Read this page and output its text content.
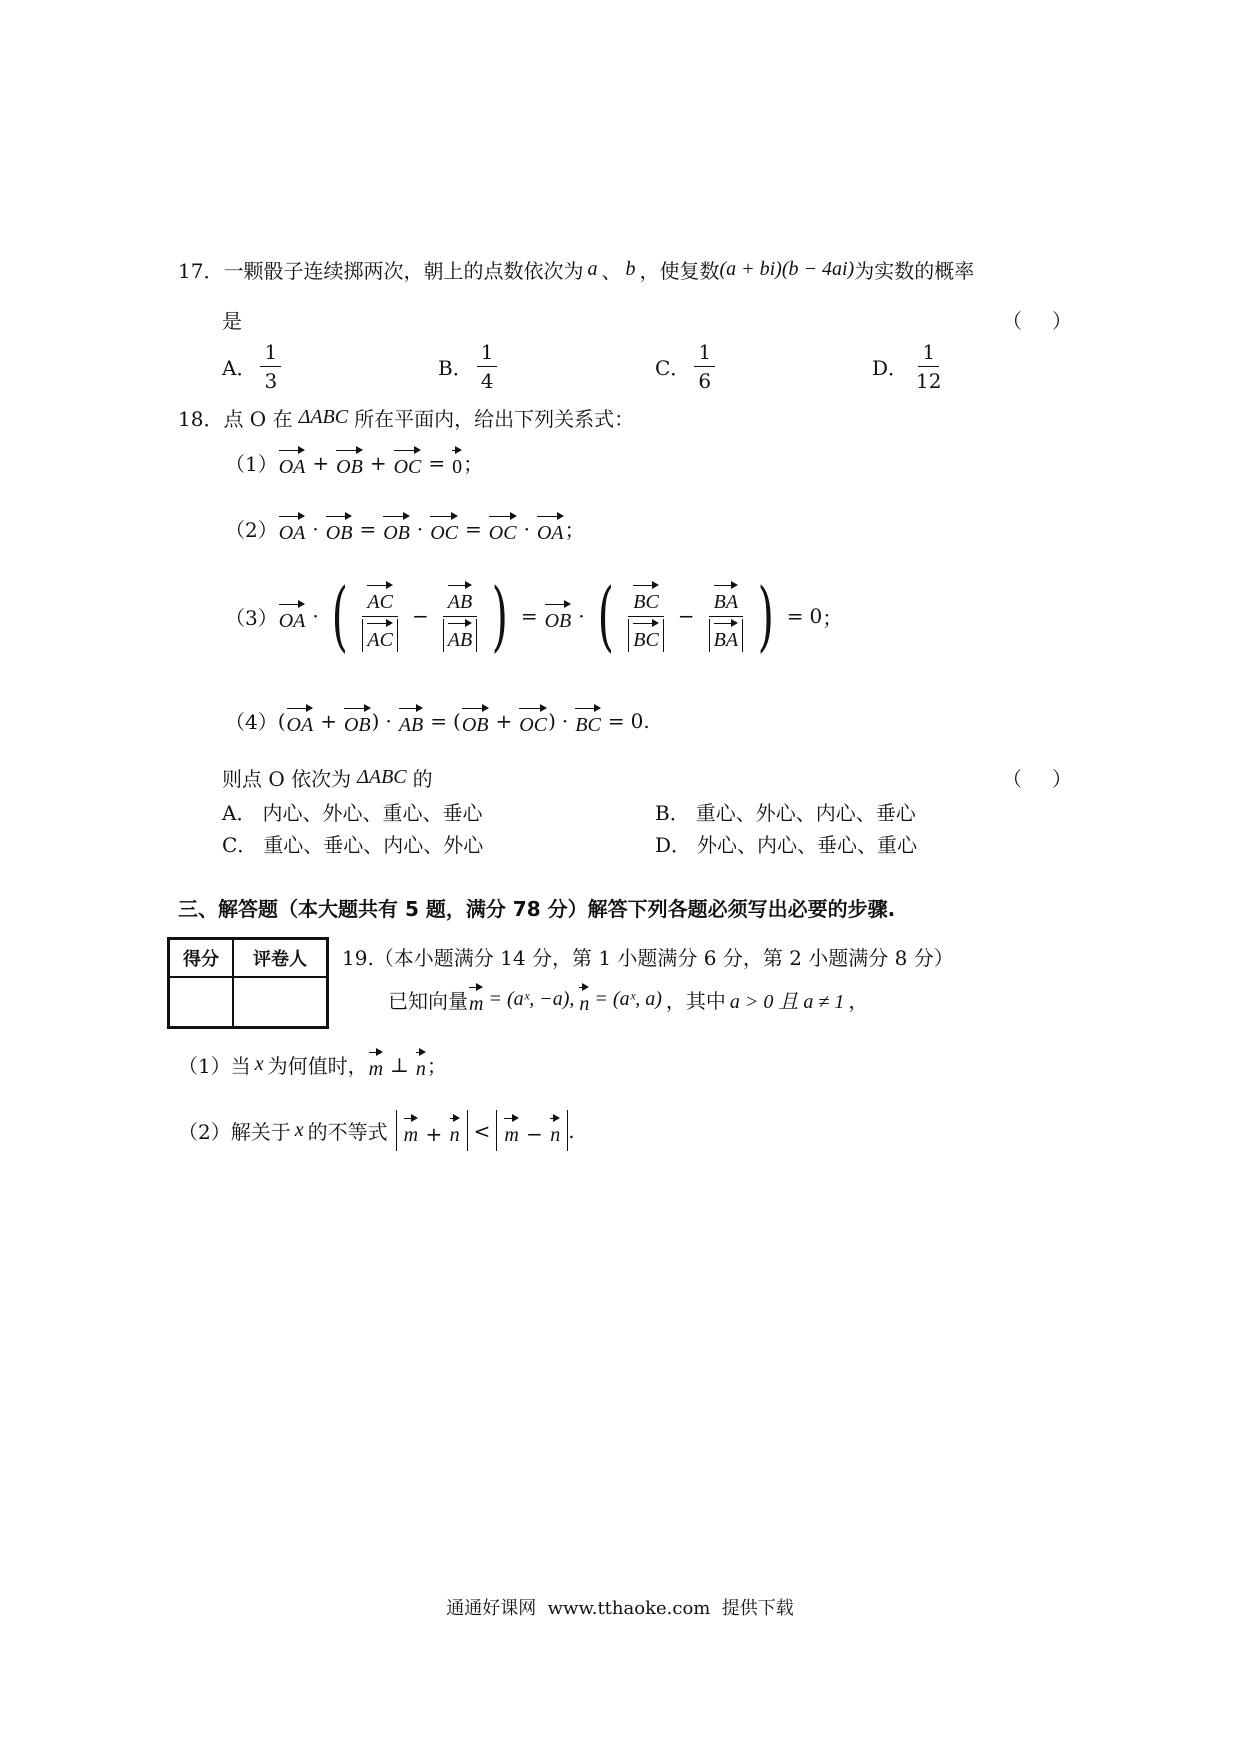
17． 一颗骰子连续掷两次，朝上的点数依次为 a 、 b ，使复数 (a + bi)(b − 4ai) 为实数的概率
是	（ ）
A． $\frac{1}{3}$	B． $\frac{1}{4}$	C． $\frac{1}{6}$	D． $\frac{1}{12}$
18． 点 O 在 ΔABC 所在平面内，给出下列关系式：
（1） OA + OB + OC = 0 ；
（2） OA · OB = OB · OC = OC · OA ；
（3） OA · ( $\frac{AC}{AC} - \frac{AB}{AB}$ ) = OB · ( $\frac{BC}{BC} - \frac{BA}{BA}$ ) = 0 ；
（4） ( OA + OB ) · AB = ( OB + OC ) · BC = 0 .
则点 O 依次为 ΔABC 的	（ ）
A． 内心、外心、重心、垂心	B． 重心、外心、内心、垂心
C． 重心、垂心、内心、外心	D． 外心、内心、垂心、重心
三、解答题（本大题共有 5 题，满分 78 分）解答下列各题必须写出必要的步骤.
得分	评卷人
	19.（本小题满分 14 分，第 1 小题满分 6 分，第 2 小题满分 8 分）
已知向量 m = (aˣ, −a), n = (aˣ, a) ，其中 a > 0 且 a ≠ 1 ，
（1）当 x 为何值时， m ⊥ n ；
（2）解关于 x 的不等式 m + n < m − n .
通通好课网  www.tthaoke.com  提供下载
